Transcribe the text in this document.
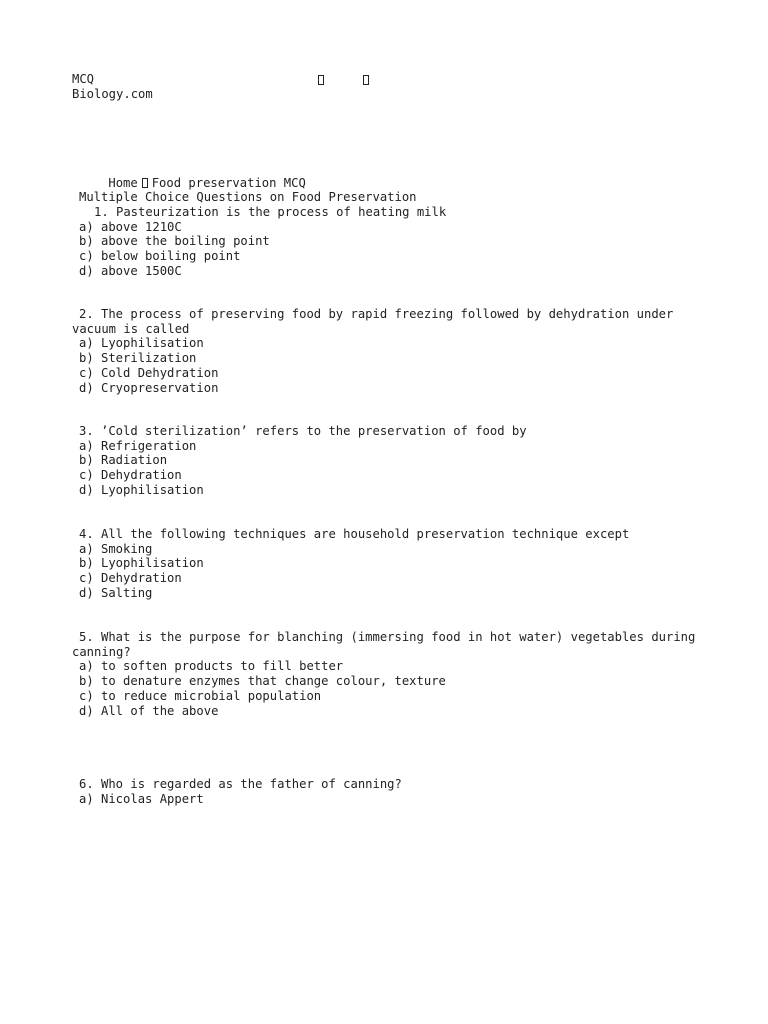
MCQ
Biology.com

Home Food preservation MCQ

Multiple Choice Questions on Food Preservation

1. Pasteurization is the process of heating milk

a) above 1210C
b) above the boiling point
c) below boiling point
d) above 1500C

2. The process of preserving food by rapid freezing followed by dehydration under vacuum is called

a) Lyophilisation
b) Sterilization
c) Cold Dehydration
d) Cryopreservation

3. ’Cold sterilization’ refers to the preservation of food by

a) Refrigeration
b) Radiation
c) Dehydration
d) Lyophilisation

4. All the following techniques are household preservation technique except

a) Smoking
b) Lyophilisation
c) Dehydration
d) Salting

5. What is the purpose for blanching (immersing food in hot water) vegetables during canning?

a) to soften products to fill better
b) to denature enzymes that change colour, texture
c) to reduce microbial population
d) All of the above

6. Who is regarded as the father of canning?

a) Nicolas Appert
